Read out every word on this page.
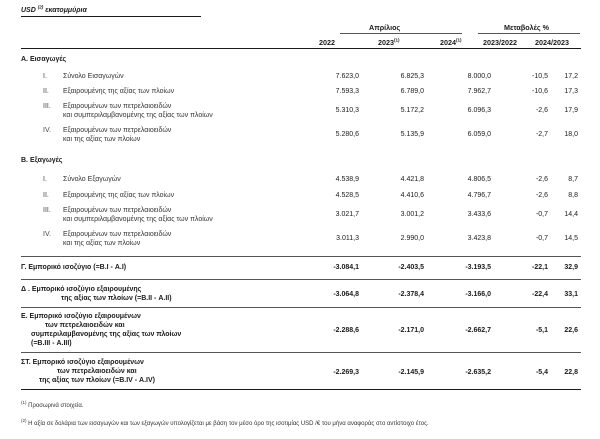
USD $^{(2)}$ εκατομμύρια
Απρίλιος	Μεταβολές %
2022	2023$^{(1)}$	2024$^{(1)}$	2023/2022	2024/2023
Α. Εισαγωγές
I. Σύνολο Εισαγωγών	7.623,0	6.825,3	8.000,0	-10,5	17,2
II. Εξαιρουμένης της αξίας των πλοίων	7.593,3	6.789,0	7.962,7	-10,6	17,3
III. Εξαιρουμένων των πετρελαιοειδών
και συμπεριλαμβανομένης της αξίας των πλοίων
5.310,3	5.172,2	6.096,3	-2,6	17,9
IV. Εξαιρουμένων των πετρελαιοειδών
και της αξίας των πλοίων
5.280,6	5.135,9	6.059,0	-2,7	18,0
Β. Εξαγωγές
I. Σύνολο Εξαγωγών	4.538,9	4.421,8	4.806,5	-2,6	8,7
II. Εξαιρουμένης της αξίας των πλοίων	4.528,5	4.410,6	4.796,7	-2,6	8,8
III. Εξαιρουμένων των πετρελαιοειδών
και συμπεριλαμβανομένης της αξίας των πλοίων
3.021,7	3.001,2	3.433,6	-0,7	14,4
IV. Εξαιρουμένων των πετρελαιοειδών
και της αξίας των πλοίων
3.011,3	2.990,0	3.423,8	-0,7	14,5
Γ. Εμπορικό ισοζύγιο (=Β.I - Α.I)	-3.084,1	-2.403,5	-3.193,5	-22,1	32,9
Δ . Εμπορικό ισοζύγιο εξαιρουμένης
της αξίας των πλοίων (=Β.II - Α.II)
-3.064,8	-2.378,4	-3.166,0	-22,4	33,1
Ε. Εμπορικό ισοζύγιο εξαιρουμένων
των πετρελαιοειδών και
συμπεριλαμβανομένης της αξίας των πλοίων
(=Β.III - Α.III)
-2.288,6	-2.171,0	-2.662,7	-5,1	22,6
ΣΤ. Εμπορικό ισοζύγιο εξαιρουμένων
των πετρελαιοειδών και
της αξίας των πλοίων (=Β.IV - Α.IV)
-2.269,3	-2.145,9	-2.635,2	-5,4	22,8
$^{(1)}$ Προσωρινά στοιχεία.
$^{(2)}$ Η αξία σε δολάρια των εισαγωγών και των εξαγωγών υπολογίζεται με βάση τον μέσο όρο της ισοτιμίας USD /€ του μήνα αναφοράς στο αντίστοιχο έτος.
